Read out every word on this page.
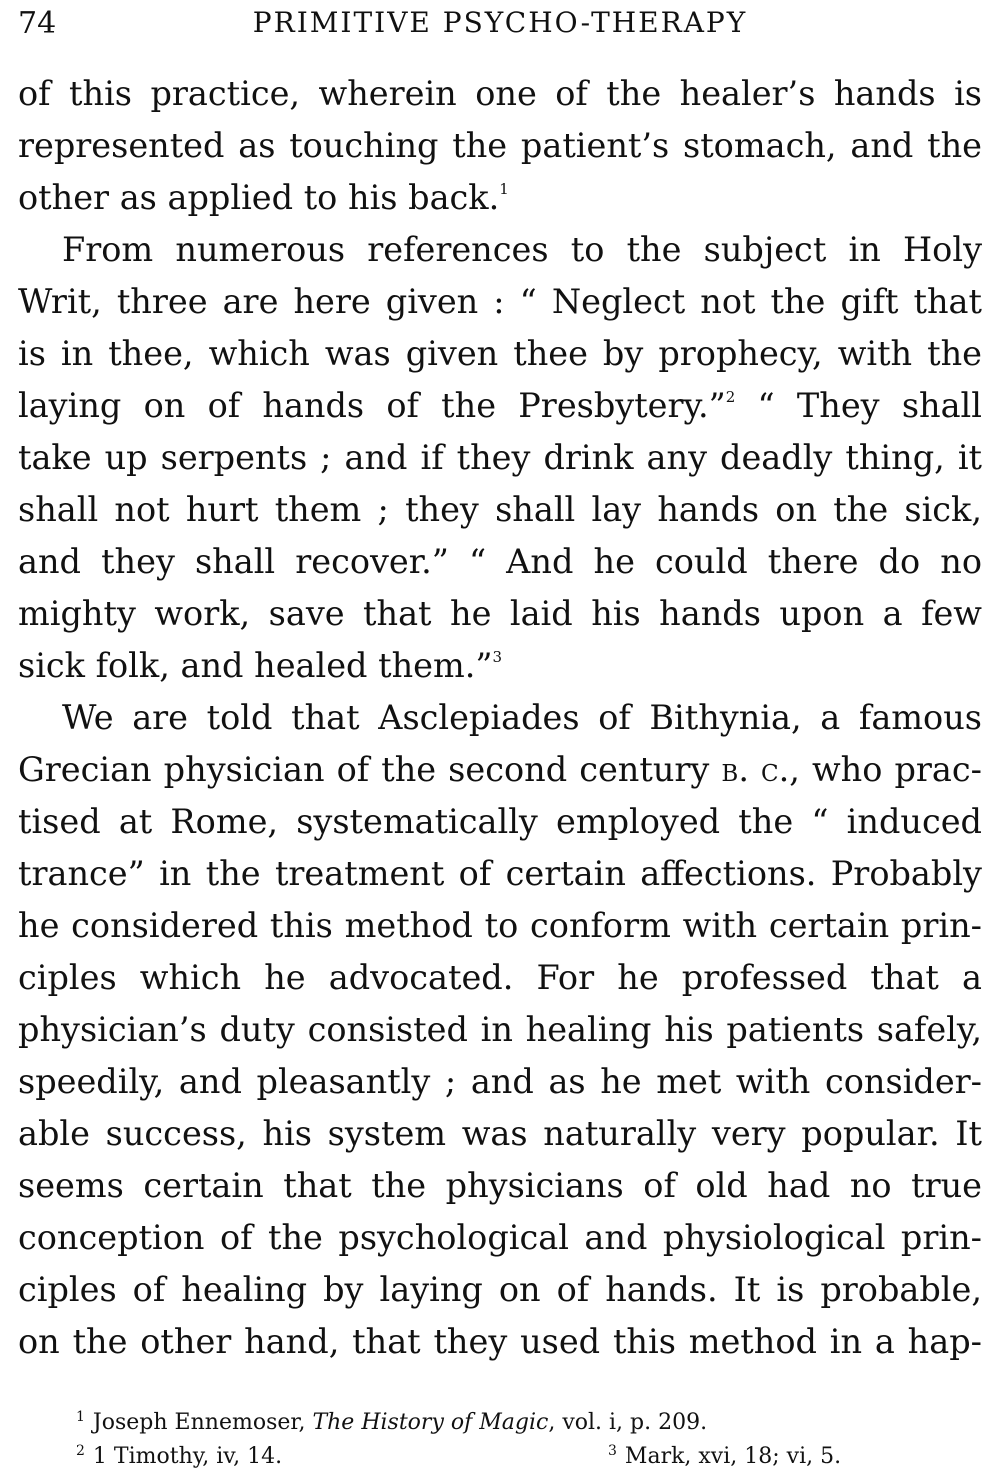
74	PRIMITIVE PSYCHO-THERAPY
of this practice, wherein one of the healer’s hands is
represented as touching the patient’s stomach, and the
other as applied to his back.$^1$
From numerous references to the subject in Holy
Writ, three are here given : “ Neglect not the gift that
is in thee, which was given thee by prophecy, with the
laying on of hands of the Presbytery.”$^2$ “ They shall
take up serpents ; and if they drink any deadly thing, it
shall not hurt them ; they shall lay hands on the sick,
and they shall recover.” “ And he could there do no
mighty work, save that he laid his hands upon a few
sick folk, and healed them.”$^3$
We are told that Asclepiades of Bithynia, a famous
Grecian physician of the second century b. c., who prac-
tised at Rome, systematically employed the “ induced
trance” in the treatment of certain affections. Probably
he considered this method to conform with certain prin-
ciples which he advocated. For he professed that a
physician’s duty consisted in healing his patients safely,
speedily, and pleasantly ; and as he met with consider-
able success, his system was naturally very popular. It
seems certain that the physicians of old had no true
conception of the psychological and physiological prin-
ciples of healing by laying on of hands. It is probable,
on the other hand, that they used this method in a hap-
$^1$ Joseph Ennemoser, The History of Magic, vol. i, p. 209.
$^2$ 1 Timothy, iv, 14.	$^3$ Mark, xvi, 18; vi, 5.
